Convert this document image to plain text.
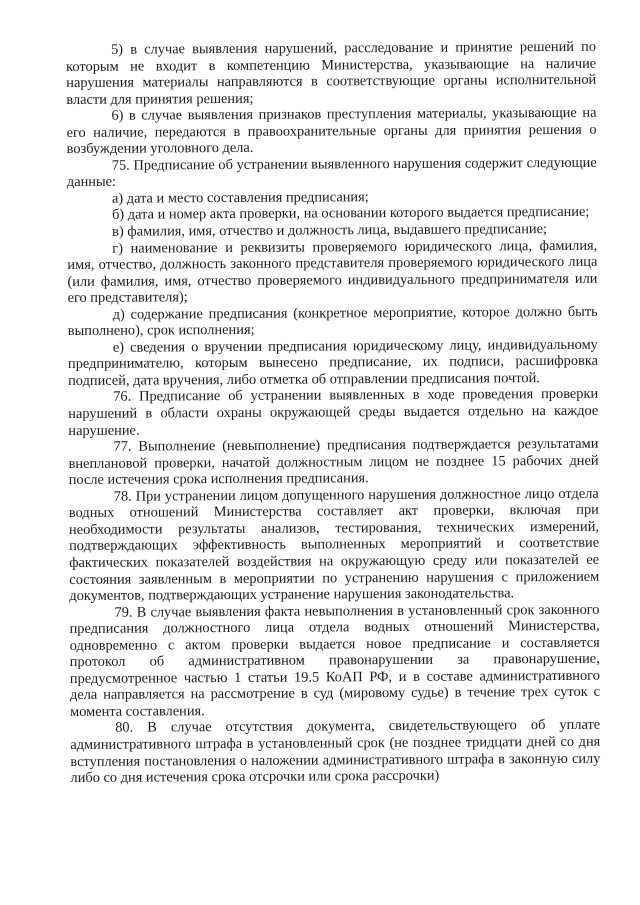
5) в случае выявления нарушений, расследование и принятие решений по которым не входит в компетенцию Министерства, указывающие на наличие нарушения материалы направляются в соответствующие органы исполнительной власти для принятия решения;

6) в случае выявления признаков преступления материалы, указывающие на его наличие, передаются в правоохранительные органы для принятия решения о возбуждении уголовного дела.

75. Предписание об устранении выявленного нарушения содержит следующие данные:

а) дата и место составления предписания;

б) дата и номер акта проверки, на основании которого выдается предписание;

в) фамилия, имя, отчество и должность лица, выдавшего предписание;

г) наименование и реквизиты проверяемого юридического лица, фамилия, имя, отчество, должность законного представителя проверяемого юридического лица (или фамилия, имя, отчество проверяемого индивидуального предпринимателя или его представителя);

д) содержание предписания (конкретное мероприятие, которое должно быть выполнено), срок исполнения;

е) сведения о вручении предписания юридическому лицу, индивидуальному предпринимателю, которым вынесено предписание, их подписи, расшифровка подписей, дата вручения, либо отметка об отправлении предписания почтой.

76. Предписание об устранении выявленных в ходе проведения проверки нарушений в области охраны окружающей среды выдается отдельно на каждое нарушение.

77. Выполнение (невыполнение) предписания подтверждается результатами внеплановой проверки, начатой должностным лицом не позднее 15 рабочих дней после истечения срока исполнения предписания.

78. При устранении лицом допущенного нарушения должностное лицо отдела водных отношений Министерства составляет акт проверки, включая при необходимости результаты анализов, тестирования, технических измерений, подтверждающих эффективность выполненных мероприятий и соответствие фактических показателей воздействия на окружающую среду или показателей ее состояния заявленным в мероприятии по устранению нарушения с приложением документов, подтверждающих устранение нарушения законодательства.

79. В случае выявления факта невыполнения в установленный срок законного предписания должностного лица отдела водных отношений Министерства, одновременно с актом проверки выдается новое предписание и составляется протокол об административном правонарушении за правонарушение, предусмотренное частью 1 статьи 19.5 КоАП РФ, и в составе административного дела направляется на рассмотрение в суд (мировому судье) в течение трех суток с момента составления.

80. В случае отсутствия документа, свидетельствующего об уплате административного штрафа в установленный срок (не позднее тридцати дней со дня вступления постановления о наложении административного штрафа в законную силу либо со дня истечения срока отсрочки или срока рассрочки)
